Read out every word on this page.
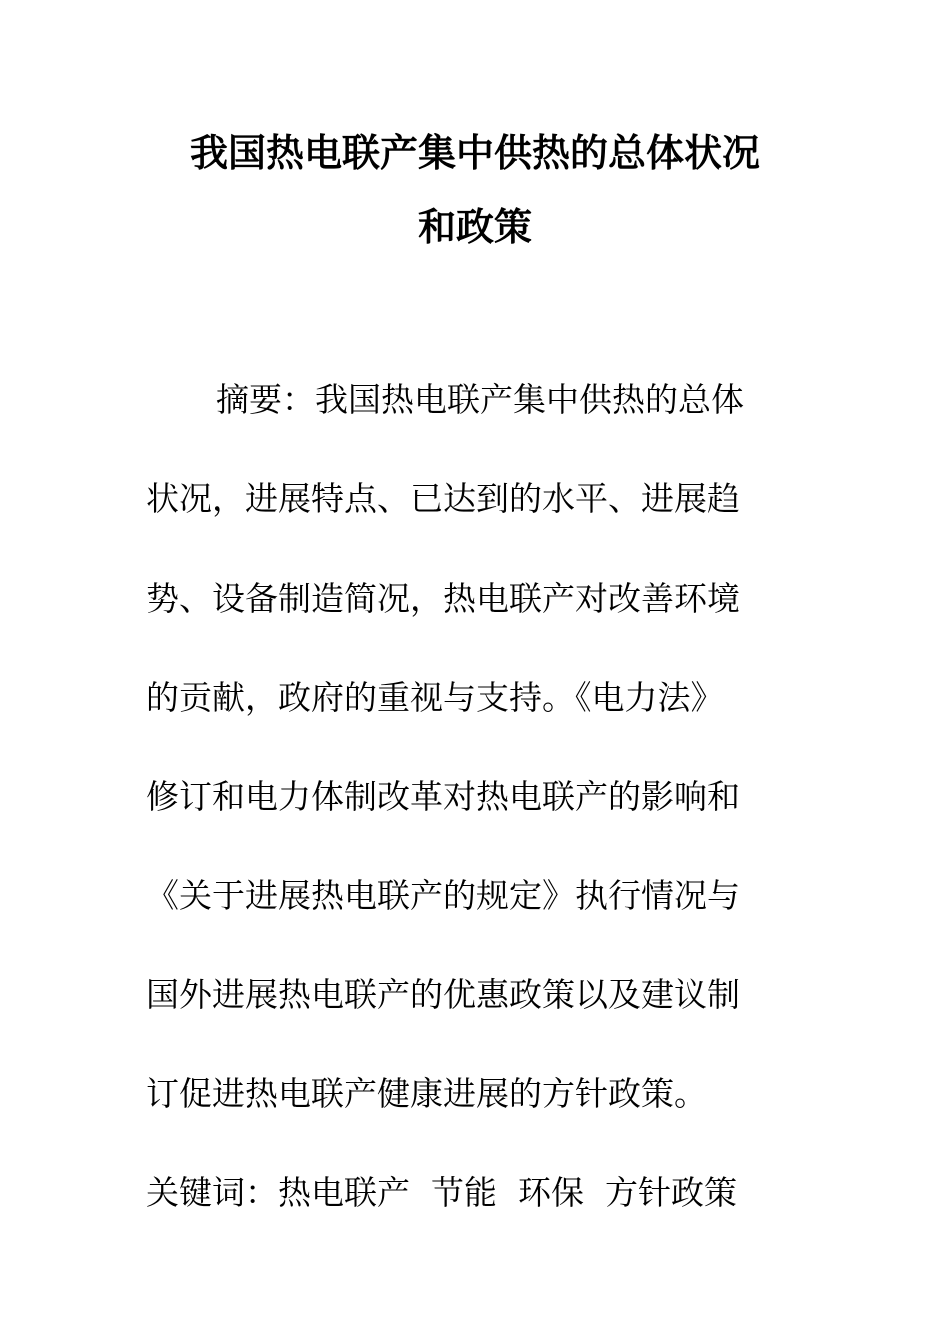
我国热电联产集中供热的总体状况
和政策
摘要：我国热电联产集中供热的总体
状况，进展特点、已达到的水平、进展趋
势、设备制造简况，热电联产对改善环境
的贡献，政府的重视与支持。《电力法》
修订和电力体制改革对热电联产的影响和
《关于进展热电联产的规定》执行情况与
国外进展热电联产的优惠政策以及建议制
订促进热电联产健康进展的方针政策。
关键词：热电联产  节能  环保  方针政策
